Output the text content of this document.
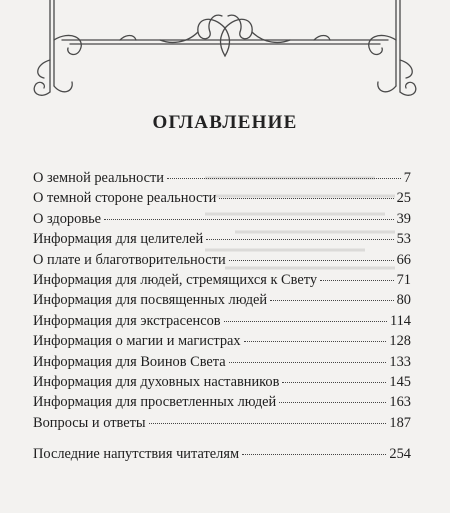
ОГЛАВЛЕНИЕ
О земной реальности	7
О темной стороне реальности	25
О здоровье	39
Информация для целителей	53
О плате и благотворительности	66
Информация для людей, стремящихся к Свету	71
Информация для посвященных людей	80
Информация для экстрасенсов	114
Информация о магии и магистрах	128
Информация для Воинов Света	133
Информация для духовных наставников	145
Информация для просветленных людей	163
Вопросы и ответы	187
Последние напутствия читателям	254
